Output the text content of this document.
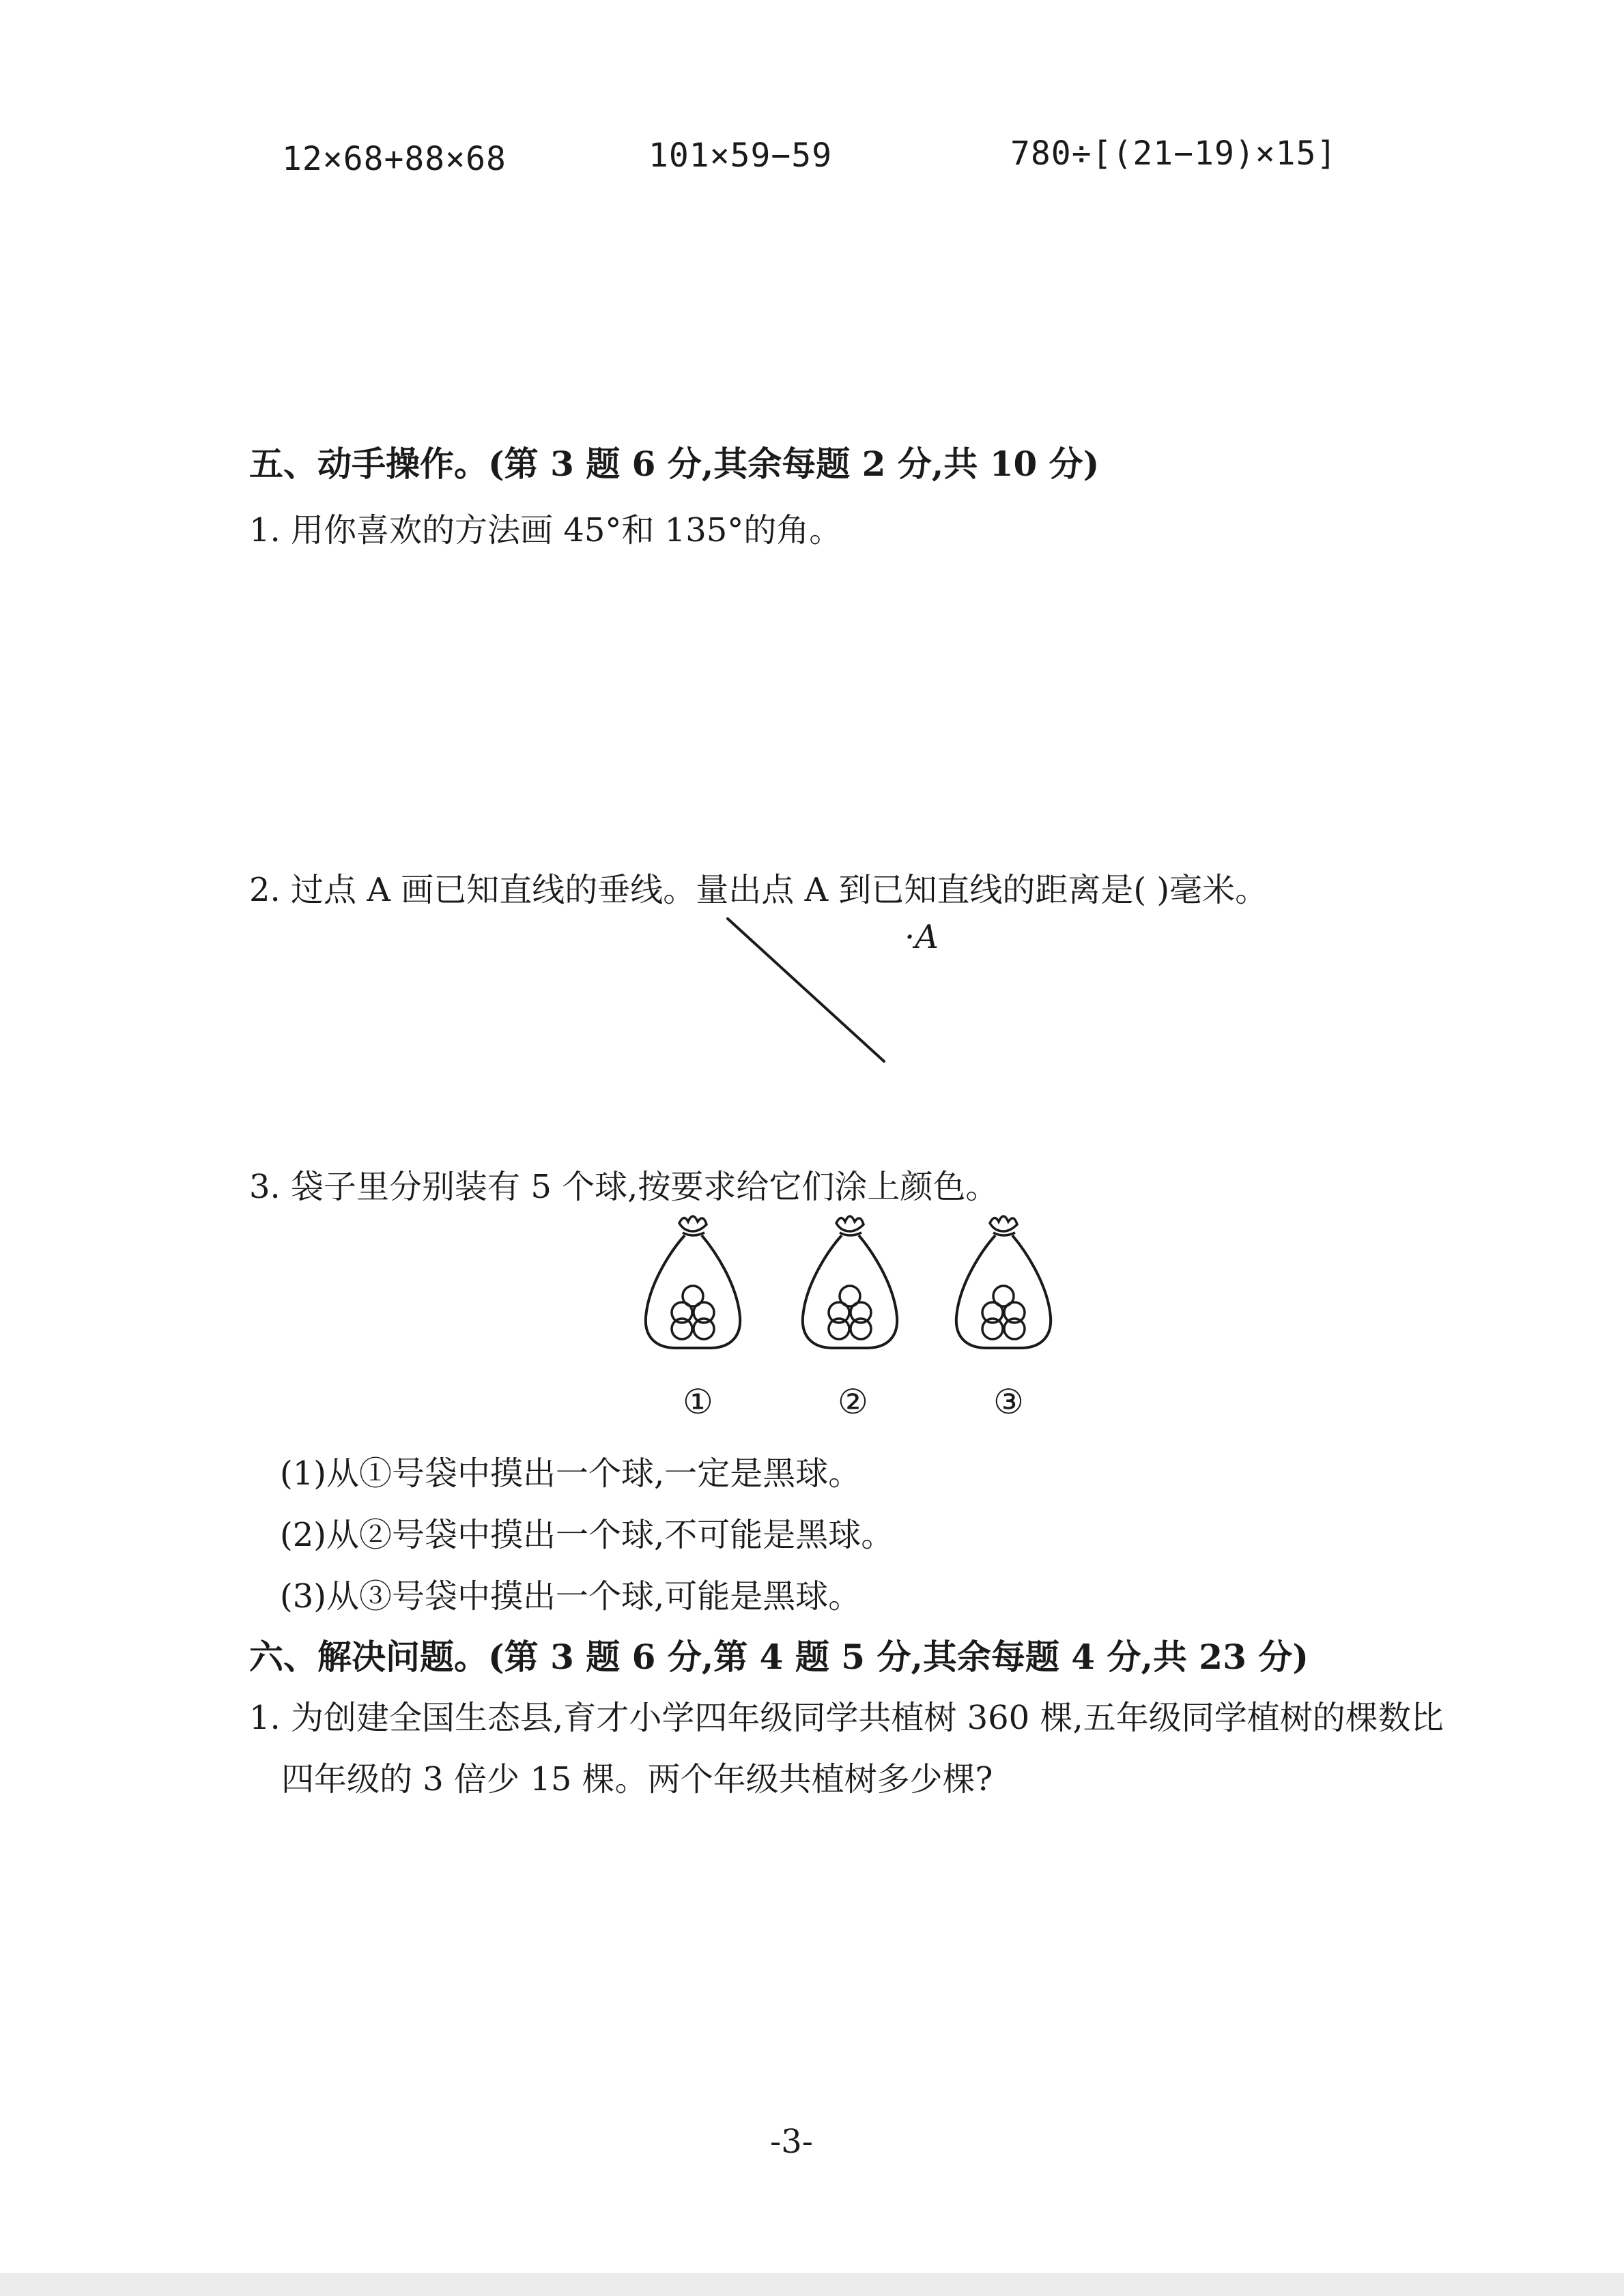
12×68+88×68	101×59−59	780÷[(21−19)×15]
五、动手操作。(第 3 题 6 分,其余每题 2 分,共 10 分)
1. 用你喜欢的方法画 45°和 135°的角。
2. 过点 A 画已知直线的垂线。量出点 A 到已知直线的距离是( )毫米。
·A
3. 袋子里分别装有 5 个球,按要求给它们涂上颜色。
①	②	③
(1)从①号袋中摸出一个球,一定是黑球。
(2)从②号袋中摸出一个球,不可能是黑球。
(3)从③号袋中摸出一个球,可能是黑球。
六、解决问题。(第 3 题 6 分,第 4 题 5 分,其余每题 4 分,共 23 分)
1. 为创建全国生态县,育才小学四年级同学共植树 360 棵,五年级同学植树的棵数比
四年级的 3 倍少 15 棵。两个年级共植树多少棵?
-3-
